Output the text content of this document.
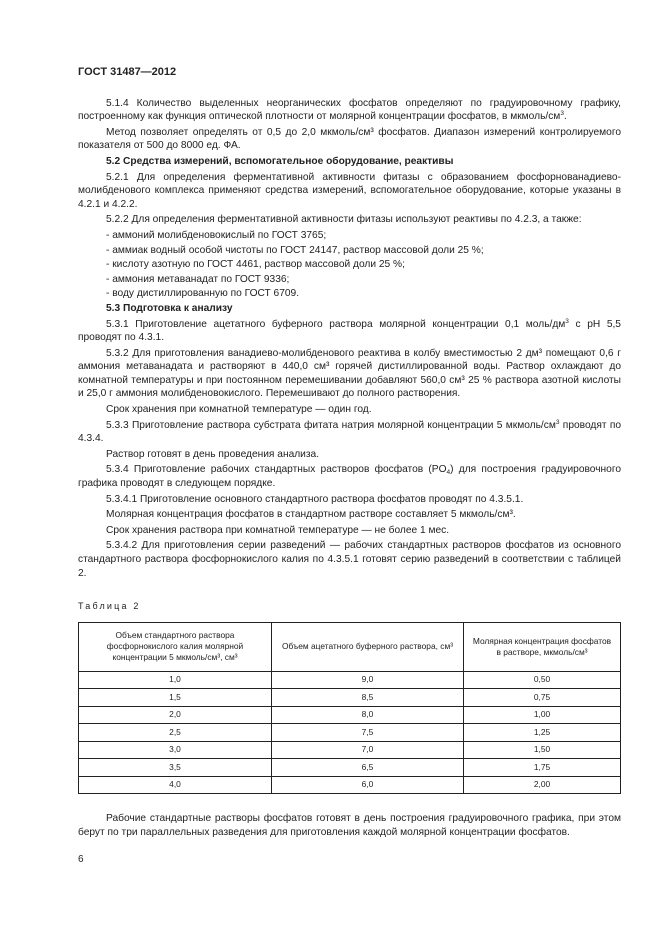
ГОСТ 31487—2012

5.1.4 Количество выделенных неорганических фосфатов определяют по градуировочному графику, построенному как функция оптической плотности от молярной концентрации фосфатов, в мкмоль/$см^3$.

Метод позволяет определять от 0,5 до 2,0 мкмоль/см³ фосфатов. Диапазон измерений контролируемого показателя от 500 до 8000 ед. ФА.

5.2 Средства измерений, вспомогательное оборудование, реактивы

5.2.1 Для определения ферментативной активности фитазы с образованием фосфорнованадиево-молибденового комплекса применяют средства измерений, вспомогательное оборудование, которые указаны в 4.2.1 и 4.2.2.

5.2.2 Для определения ферментативной активности фитазы используют реактивы по 4.2.3, а также:

- аммоний молибденовокислый по ГОСТ 3765;

- аммиак водный особой чистоты по ГОСТ 24147, раствор массовой доли 25 %;

- кислоту азотную по ГОСТ 4461, раствор массовой доли 25 %;

- аммония метаванадат по ГОСТ 9336;

- воду дистиллированную по ГОСТ 6709.

5.3 Подготовка к анализу

5.3.1 Приготовление ацетатного буферного раствора молярной концентрации 0,1 моль/$дм^3$ с pH 5,5 проводят по 4.3.1.

5.3.2 Для приготовления ванадиево-молибденового реактива в колбу вместимостью 2 дм³ помещают 0,6 г аммония метаванадата и растворяют в 440,0 см³ горячей дистиллированной воды. Раствор охлаждают до комнатной температуры и при постоянном перемешивании добавляют 560,0 см³ 25 % раствора азотной кислоты и 25,0 г аммония молибденовокислого. Перемешивают до полного растворения.

Срок хранения при комнатной температуре — один год.

5.3.3 Приготовление раствора субстрата фитата натрия молярной концентрации 5 мкмоль/$см^3$ проводят по 4.3.4.

Раствор готовят в день проведения анализа.

5.3.4 Приготовление рабочих стандартных растворов фосфатов $(PO_4)$ для построения градуировочного графика проводят в следующем порядке.

5.3.4.1 Приготовление основного стандартного раствора фосфатов проводят по 4.3.5.1.

Молярная концентрация фосфатов в стандартном растворе составляет 5 мкмоль/см³.

Срок хранения раствора при комнатной температуре — не более 1 мес.

5.3.4.2 Для приготовления серии разведений — рабочих стандартных растворов фосфатов из основного стандартного раствора фосфорнокислого калия по 4.3.5.1 готовят серию разведений в соответствии с таблицей 2.

Таблица 2
Объем стандартного раствора фосфорнокислого калия молярной концентрации 5 мкмоль/см³, см³	Объем ацетатного буферного раствора, см³	Молярная концентрация фосфатов в растворе, мкмоль/см³
1,0	9,0	0,50
1,5	8,5	0,75
2,0	8,0	1,00
2,5	7,5	1,25
3,0	7,0	1,50
3,5	6,5	1,75
4,0	6,0	2,00

Рабочие стандартные растворы фосфатов готовят в день построения градуировочного графика, при этом берут по три параллельных разведения для приготовления каждой молярной концентрации фосфатов.

6
